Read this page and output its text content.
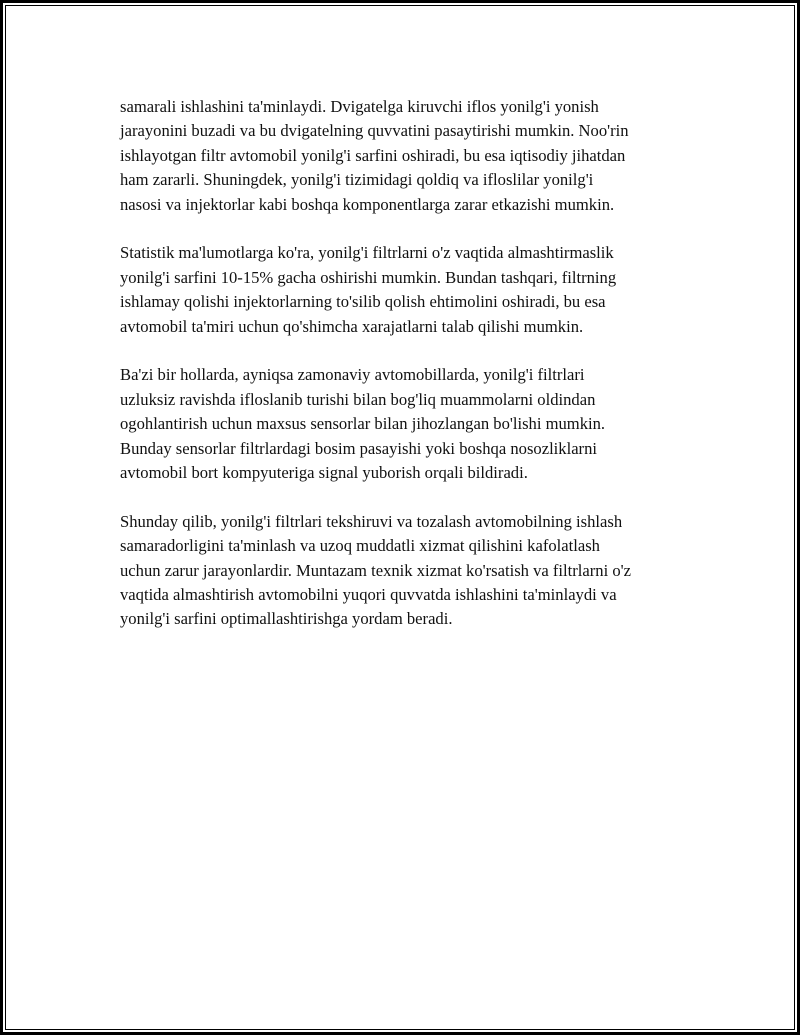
samarali ishlashini ta'minlaydi. Dvigatelga kiruvchi iflos yonilg'i yonish
jarayonini buzadi va bu dvigatelning quvvatini pasaytirishi mumkin. Noo'rin
ishlayotgan filtr avtomobil yonilg'i sarfini oshiradi, bu esa iqtisodiy jihatdan
ham zararli. Shuningdek, yonilg'i tizimidagi qoldiq va ifloslilar yonilg'i
nasosi va injektorlar kabi boshqa komponentlarga zarar etkazishi mumkin.

Statistik ma'lumotlarga ko'ra, yonilg'i filtrlarni o'z vaqtida almashtirmaslik
yonilg'i sarfini 10-15% gacha oshirishi mumkin. Bundan tashqari, filtrning
ishlamay qolishi injektorlarning to'silib qolish ehtimolini oshiradi, bu esa
avtomobil ta'miri uchun qo'shimcha xarajatlarni talab qilishi mumkin.

Ba'zi bir hollarda, ayniqsa zamonaviy avtomobillarda, yonilg'i filtrlari
uzluksiz ravishda ifloslanib turishi bilan bog'liq muammolarni oldindan
ogohlantirish uchun maxsus sensorlar bilan jihozlangan bo'lishi mumkin.
Bunday sensorlar filtrlardagi bosim pasayishi yoki boshqa nosozliklarni
avtomobil bort kompyuteriga signal yuborish orqali bildiradi.

Shunday qilib, yonilg'i filtrlari tekshiruvi va tozalash avtomobilning ishlash
samaradorligini ta'minlash va uzoq muddatli xizmat qilishini kafolatlash
uchun zarur jarayonlardir. Muntazam texnik xizmat ko'rsatish va filtrlarni o'z
vaqtida almashtirish avtomobilni yuqori quvvatda ishlashini ta'minlaydi va
yonilg'i sarfini optimallashtirishga yordam beradi.
